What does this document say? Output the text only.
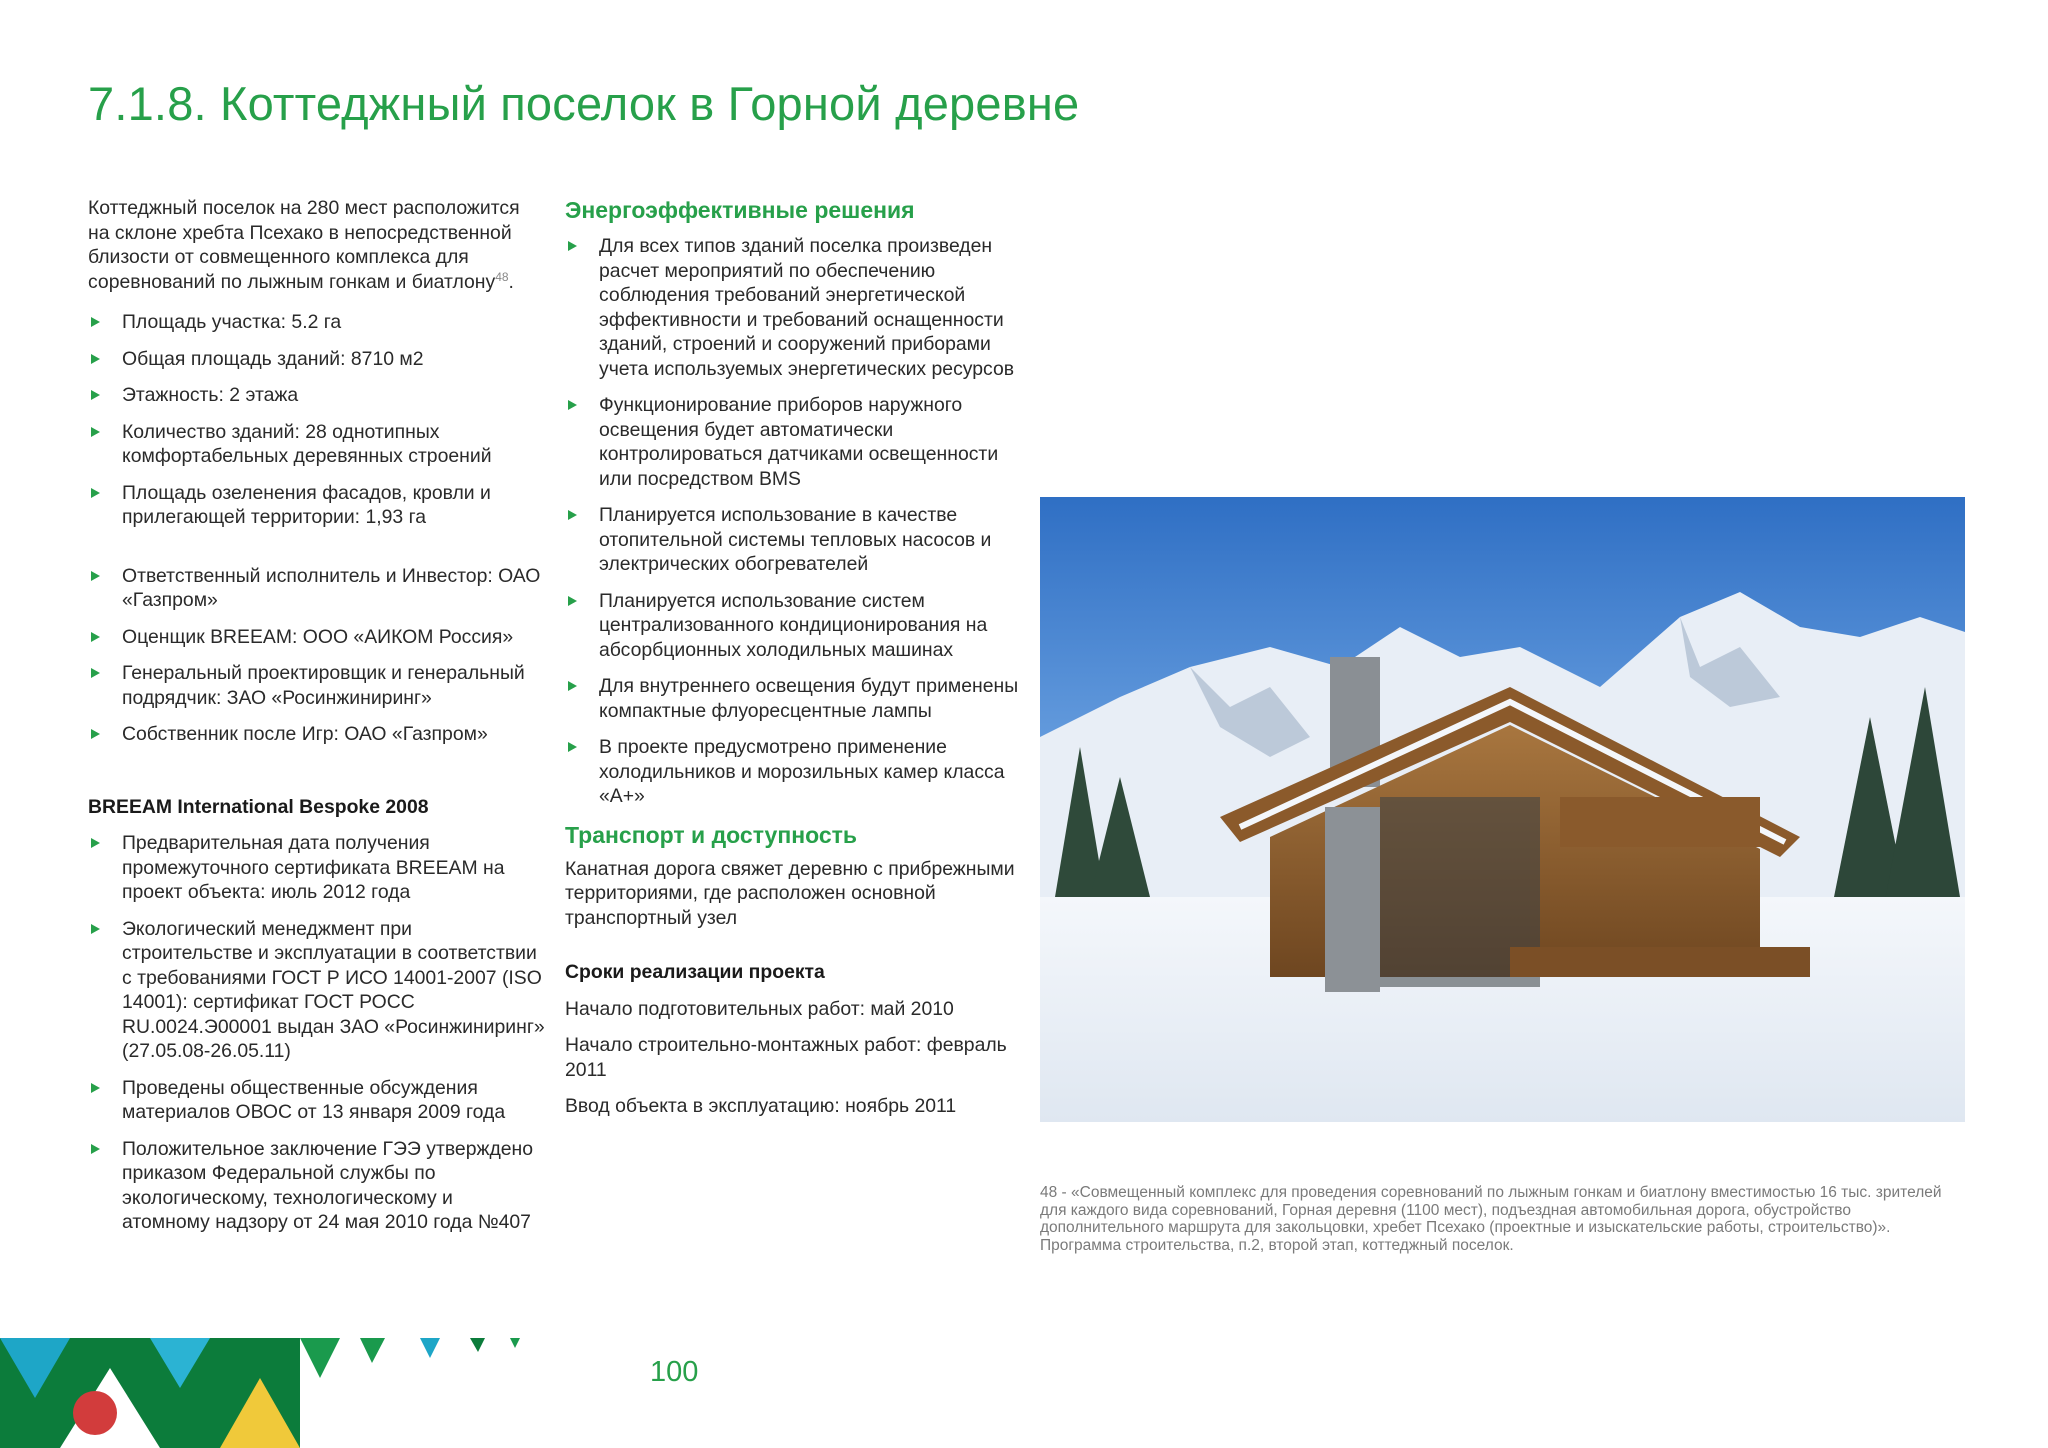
7.1.8. Коттеджный поселок в Горной деревне

Коттеджный поселок на 280 мест расположится на склоне хребта Псехако в непосредственной близости от совмещенного комплекса для соревнований по лыжным гонкам и биатлону$^{48}$.

Площадь участка: 5.2 га
Общая площадь зданий: 8710 м2
Этажность: 2 этажа
Количество зданий: 28 однотипных комфортабельных деревянных строений
Площадь озеленения фасадов, кровли и прилегающей территории: 1,93 га
Ответственный исполнитель и Инвестор: ОАО «Газпром»
Оценщик BREEAM: ООО «АИКОМ Россия»
Генеральный проектировщик и генеральный подрядчик: ЗАО «Росинжиниринг»
Собственник после Игр: ОАО «Газпром»

BREEAM International Bespoke 2008

Предварительная дата получения промежуточного сертификата BREEAM на проект объекта: июль 2012 года
Экологический менеджмент при строительстве и эксплуатации в соответствии с требованиями ГОСТ Р ИСО 14001-2007 (ISO 14001): сертификат ГОСТ РОСС RU.0024.Э00001 выдан ЗАО «Росинжиниринг» (27.05.08-26.05.11)
Проведены общественные обсуждения материалов ОВОС от 13 января 2009 года
Положительное заключение ГЭЭ утверждено приказом Федеральной службы по экологическому, технологическому и атомному надзору от 24 мая 2010 года №407

Энергоэффективные решения

Для всех типов зданий поселка произведен расчет мероприятий по обеспечению соблюдения требований энергетической эффективности и требований оснащенности зданий, строений и сооружений приборами учета используемых энергетических ресурсов
Функционирование приборов наружного освещения будет автоматически контролироваться датчиками освещенности или посредством BMS
Планируется использование в качестве отопительной системы тепловых насосов и электрических обогревателей
Планируется использование систем централизованного кондиционирования на абсорбционных холодильных машинах
Для внутреннего освещения будут применены компактные флуоресцентные лампы
В проекте предусмотрено применение холодильников и морозильных камер класса «А+»

Транспорт и доступность

Канатная дорога свяжет деревню с прибрежными территориями, где расположен основной транспортный узел

Сроки реализации проекта

Начало подготовительных работ: май 2010

Начало строительно-монтажных работ: февраль 2011

Ввод объекта в эксплуатацию: ноябрь 2011

48 - «Совмещенный комплекс для проведения соревнований по лыжным гонкам и биатлону вместимостью 16 тыс. зрителей для каждого вида соревнований, Горная деревня (1100 мест), подъездная автомобильная дорога, обустройство дополнительного маршрута для закольцовки, хребет Псехако (проектные и изыскательские работы, строительство)». Программа строительства, п.2, второй этап, коттеджный поселок.
100
